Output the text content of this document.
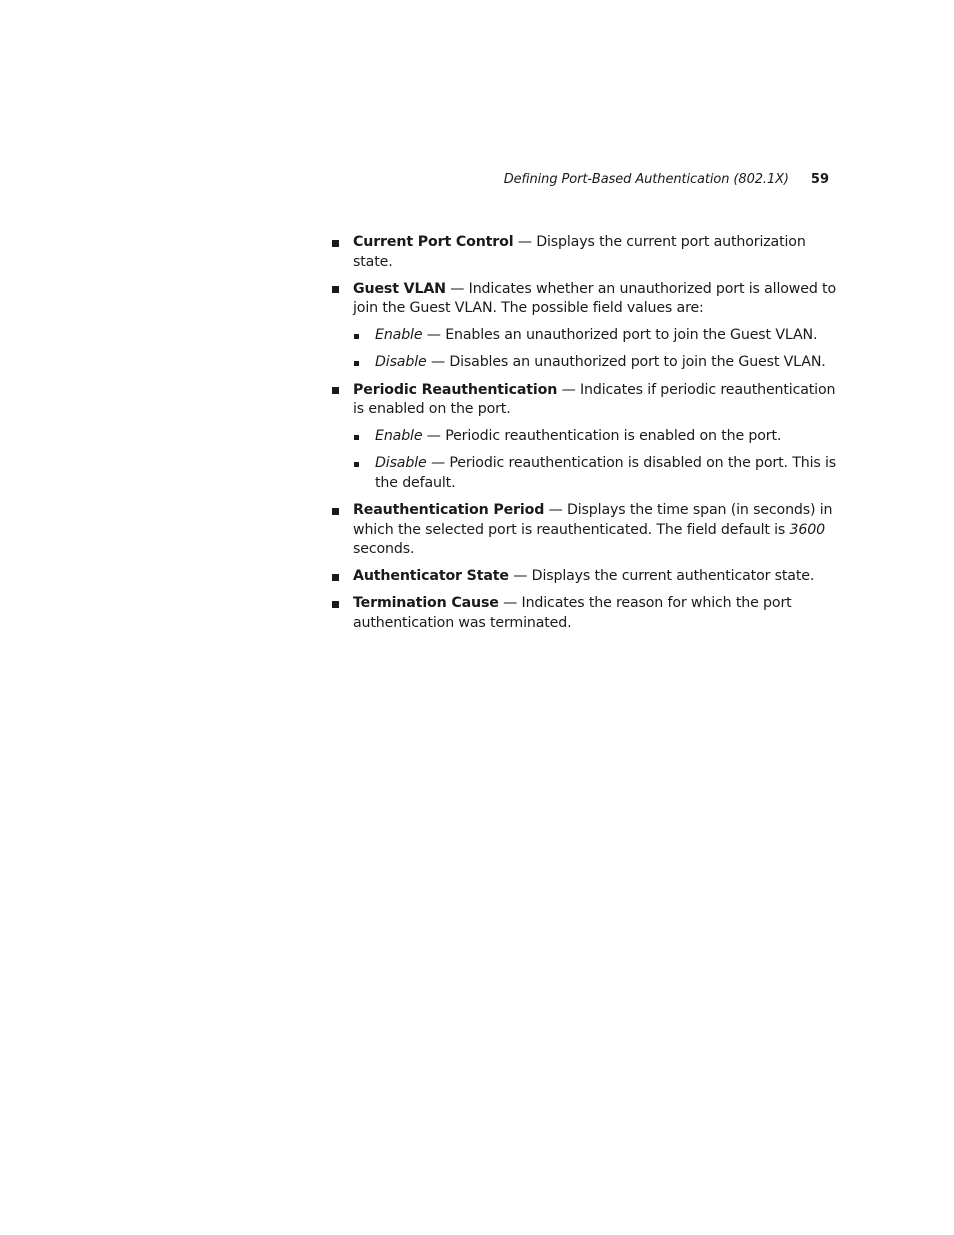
Defining Port-Based Authentication (802.1X) 59
Current Port Control — Displays the current port authorization state.
Guest VLAN — Indicates whether an unauthorized port is allowed to join the Guest VLAN. The possible field values are:
Enable — Enables an unauthorized port to join the Guest VLAN.
Disable — Disables an unauthorized port to join the Guest VLAN.
Periodic Reauthentication — Indicates if periodic reauthentication is enabled on the port.
Enable — Periodic reauthentication is enabled on the port.
Disable — Periodic reauthentication is disabled on the port. This is the default.
Reauthentication Period — Displays the time span (in seconds) in which the selected port is reauthenticated. The field default is 3600 seconds.
Authenticator State — Displays the current authenticator state.
Termination Cause — Indicates the reason for which the port authentication was terminated.
